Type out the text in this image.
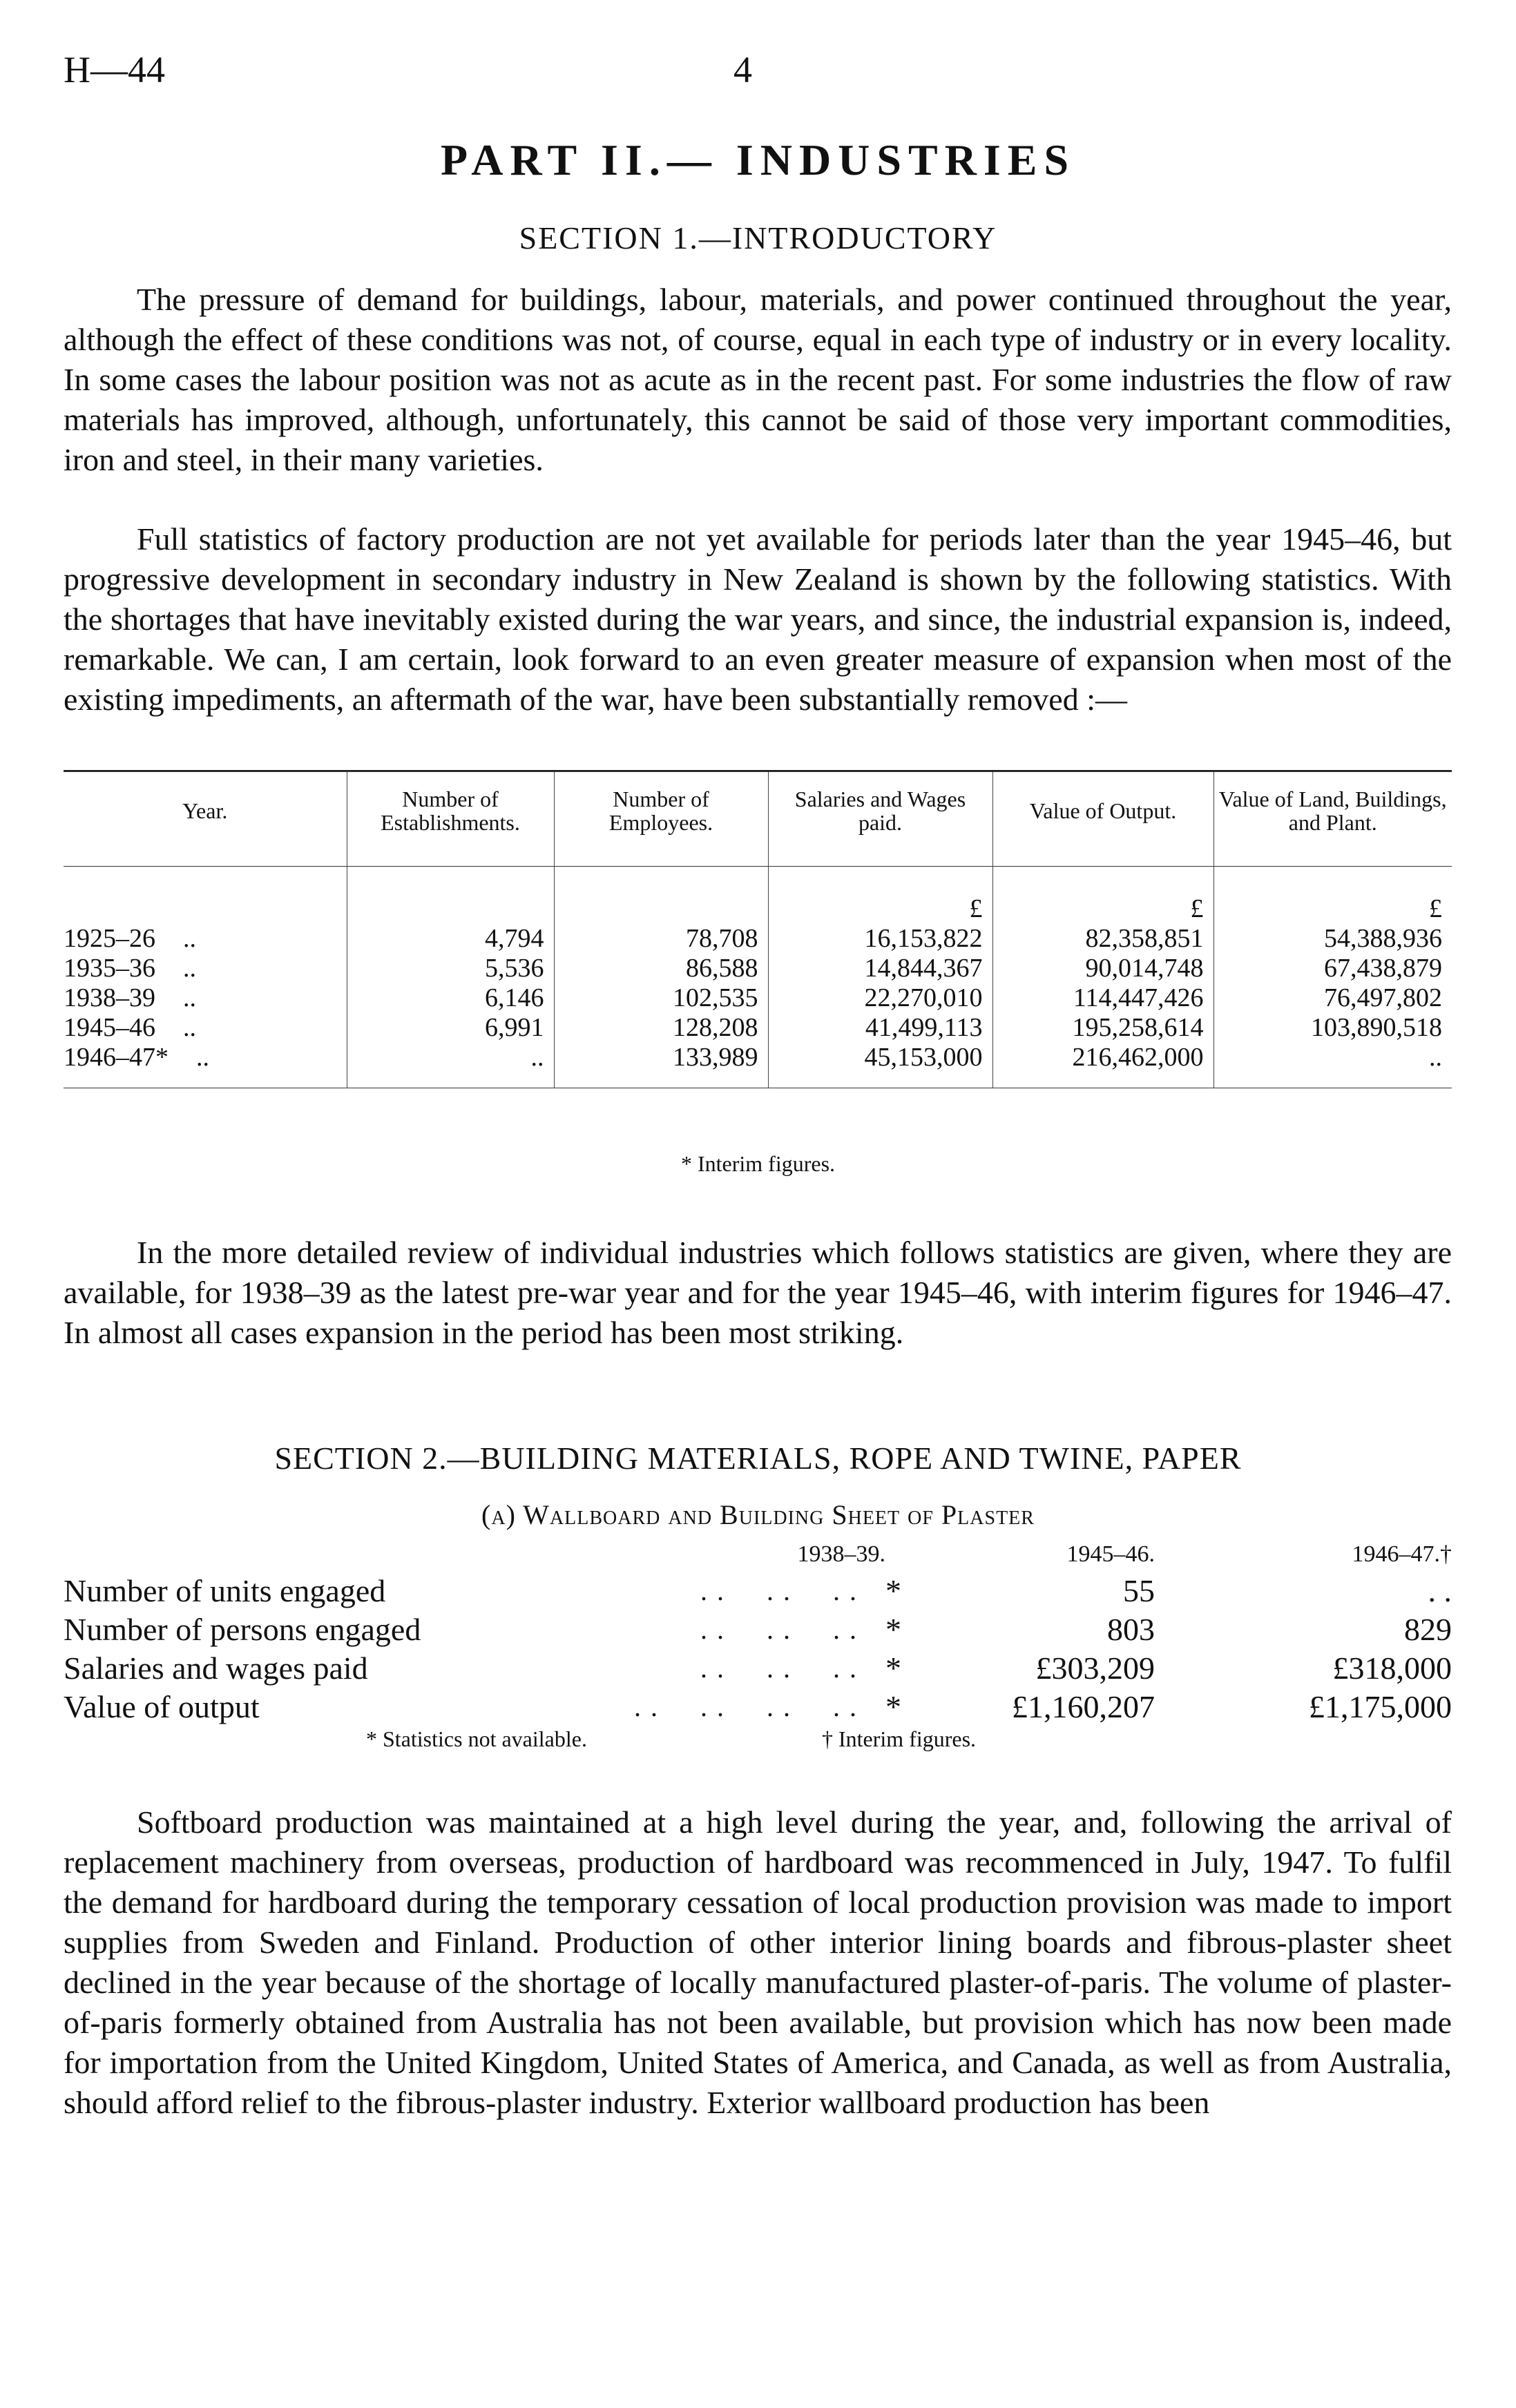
H—44	4
PART II.— INDUSTRIES
SECTION 1.—INTRODUCTORY

The pressure of demand for buildings, labour, materials, and power continued throughout the year, although the effect of these conditions was not, of course, equal in each type of industry or in every locality. In some cases the labour position was not as acute as in the recent past. For some industries the flow of raw materials has improved, although, unfortunately, this cannot be said of those very important commodities, iron and steel, in their many varieties.

Full statistics of factory production are not yet available for periods later than the year 1945–46, but progressive development in secondary industry in New Zealand is shown by the following statistics. With the shortages that have inevitably existed during the war years, and since, the industrial expansion is, indeed, remarkable. We can, I am certain, look forward to an even greater measure of expansion when most of the existing impediments, an aftermath of the war, have been substantially removed :—

Year.	Number of Establishments.	Number of Employees.	Salaries and Wages paid.	Value of Output.	Value of Land, Buildings, and Plant.
			£	£	£
1925–26 ..	4,794	78,708	16,153,822	82,358,851	54,388,936
1935–36 ..	5,536	86,588	14,844,367	90,014,748	67,438,879
1938–39 ..	6,146	102,535	22,270,010	114,447,426	76,497,802
1945–46 ..	6,991	128,208	41,499,113	195,258,614	103,890,518
1946–47* ..	..	133,989	45,153,000	216,462,000	..
* Interim figures.

In the more detailed review of individual industries which follows statistics are given, where they are available, for 1938–39 as the latest pre-war year and for the year 1945–46, with interim figures for 1946–47. In almost all cases expansion in the period has been most striking.

SECTION 2.—BUILDING MATERIALS, ROPE AND TWINE, PAPER
(a) Wallboard and Building Sheet of Plaster
	1938–39.		1945–46.	1946–47.†
Number of units engaged	. .     . .     . .	*	55	. .
Number of persons engaged	. .     . .     . .	*	803	829
Salaries and wages paid	. .     . .     . .	*	£303,209	£318,000
Value of output	. .     . .     . .     . .	*	£1,160,207	£1,175,000
* Statistics not available.	† Interim figures.

Softboard production was maintained at a high level during the year, and, following the arrival of replacement machinery from overseas, production of hardboard was recommenced in July, 1947. To fulfil the demand for hardboard during the temporary cessation of local production provision was made to import supplies from Sweden and Finland. Production of other interior lining boards and fibrous-plaster sheet declined in the year because of the shortage of locally manufactured plaster-of-paris. The volume of plaster-of-paris formerly obtained from Australia has not been available, but provision which has now been made for importation from the United Kingdom, United States of America, and Canada, as well as from Australia, should afford relief to the fibrous-plaster industry. Exterior wallboard production has been
